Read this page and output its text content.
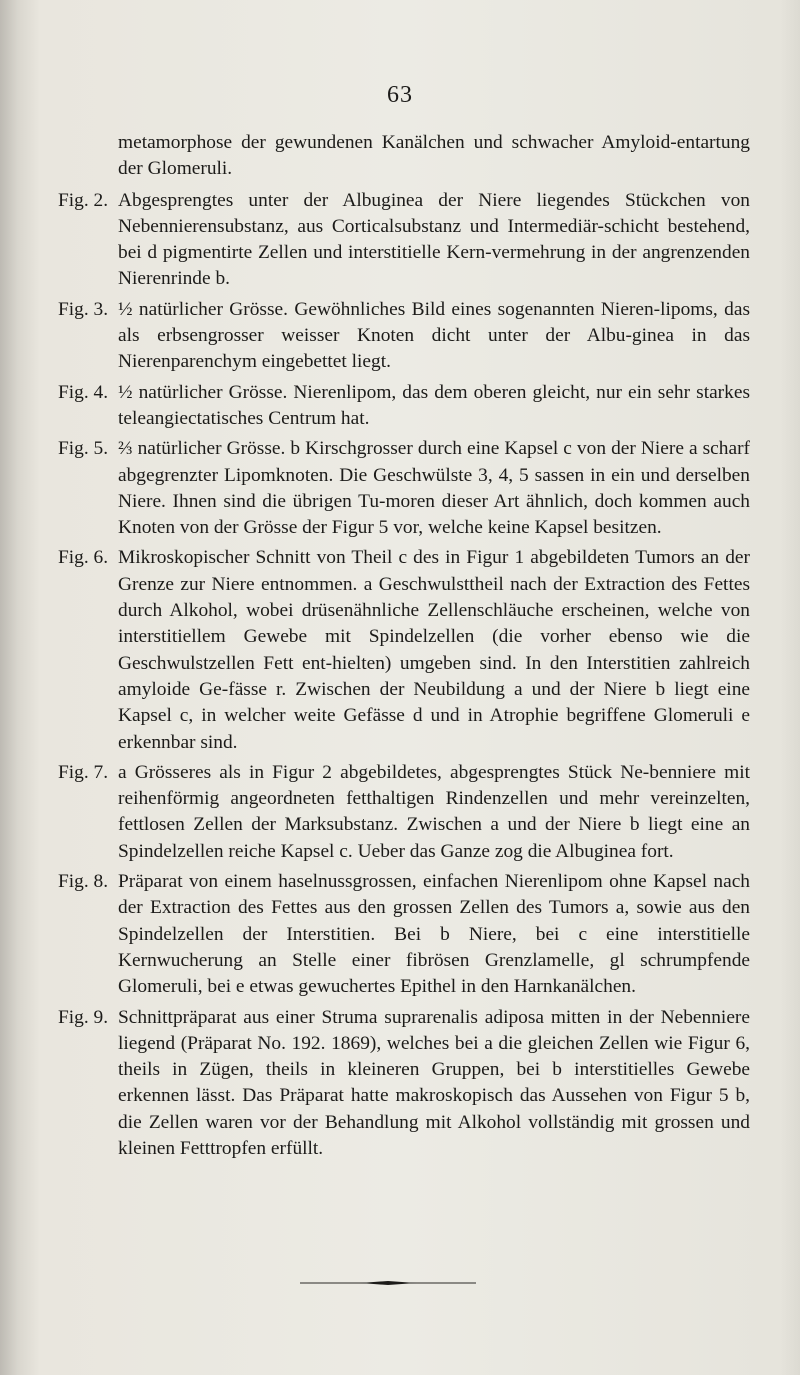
63
metamorphose der gewundenen Kanälchen und schwacher Amyloid-entartung der Glomeruli.
Fig. 2. Abgesprengtes unter der Albuginea der Niere liegendes Stückchen von Nebennierensubstanz, aus Corticalsubstanz und Intermediär-schicht bestehend, bei d pigmentirte Zellen und interstitielle Kern-vermehrung in der angrenzenden Nierenrinde b.
Fig. 3. ½ natürlicher Grösse. Gewöhnliches Bild eines sogenannten Nieren-lipoms, das als erbsengrosser weisser Knoten dicht unter der Albu-ginea in das Nierenparenchym eingebettet liegt.
Fig. 4. ½ natürlicher Grösse. Nierenlipom, das dem oberen gleicht, nur ein sehr starkes teleangiectatisches Centrum hat.
Fig. 5. ⅔ natürlicher Grösse. b Kirschgrosser durch eine Kapsel c von der Niere a scharf abgegrenzter Lipomknoten. Die Geschwülste 3, 4, 5 sassen in ein und derselben Niere. Ihnen sind die übrigen Tu-moren dieser Art ähnlich, doch kommen auch Knoten von der Grösse der Figur 5 vor, welche keine Kapsel besitzen.
Fig. 6. Mikroskopischer Schnitt von Theil c des in Figur 1 abgebildeten Tumors an der Grenze zur Niere entnommen. a Geschwulsttheil nach der Extraction des Fettes durch Alkohol, wobei drüsenähnliche Zellenschläuche erscheinen, welche von interstitiellem Gewebe mit Spindelzellen (die vorher ebenso wie die Geschwulstzellen Fett ent-hielten) umgeben sind. In den Interstitien zahlreich amyloide Ge-fässe r. Zwischen der Neubildung a und der Niere b liegt eine Kapsel c, in welcher weite Gefässe d und in Atrophie begriffene Glomeruli e erkennbar sind.
Fig. 7. a Grösseres als in Figur 2 abgebildetes, abgesprengtes Stück Ne-benniere mit reihenförmig angeordneten fetthaltigen Rindenzellen und mehr vereinzelten, fettlosen Zellen der Marksubstanz. Zwischen a und der Niere b liegt eine an Spindelzellen reiche Kapsel c. Ueber das Ganze zog die Albuginea fort.
Fig. 8. Präparat von einem haselnussgrossen, einfachen Nierenlipom ohne Kapsel nach der Extraction des Fettes aus den grossen Zellen des Tumors a, sowie aus den Spindelzellen der Interstitien. Bei b Niere, bei c eine interstitielle Kernwucherung an Stelle einer fibrösen Grenzlamelle, gl schrumpfende Glomeruli, bei e etwas gewuchertes Epithel in den Harnkanälchen.
Fig. 9. Schnittpräparat aus einer Struma suprarenalis adiposa mitten in der Nebenniere liegend (Präparat No. 192. 1869), welches bei a die gleichen Zellen wie Figur 6, theils in Zügen, theils in kleineren Gruppen, bei b interstitielles Gewebe erkennen lässt. Das Präparat hatte makroskopisch das Aussehen von Figur 5 b, die Zellen waren vor der Behandlung mit Alkohol vollständig mit grossen und kleinen Fetttropfen erfüllt.
